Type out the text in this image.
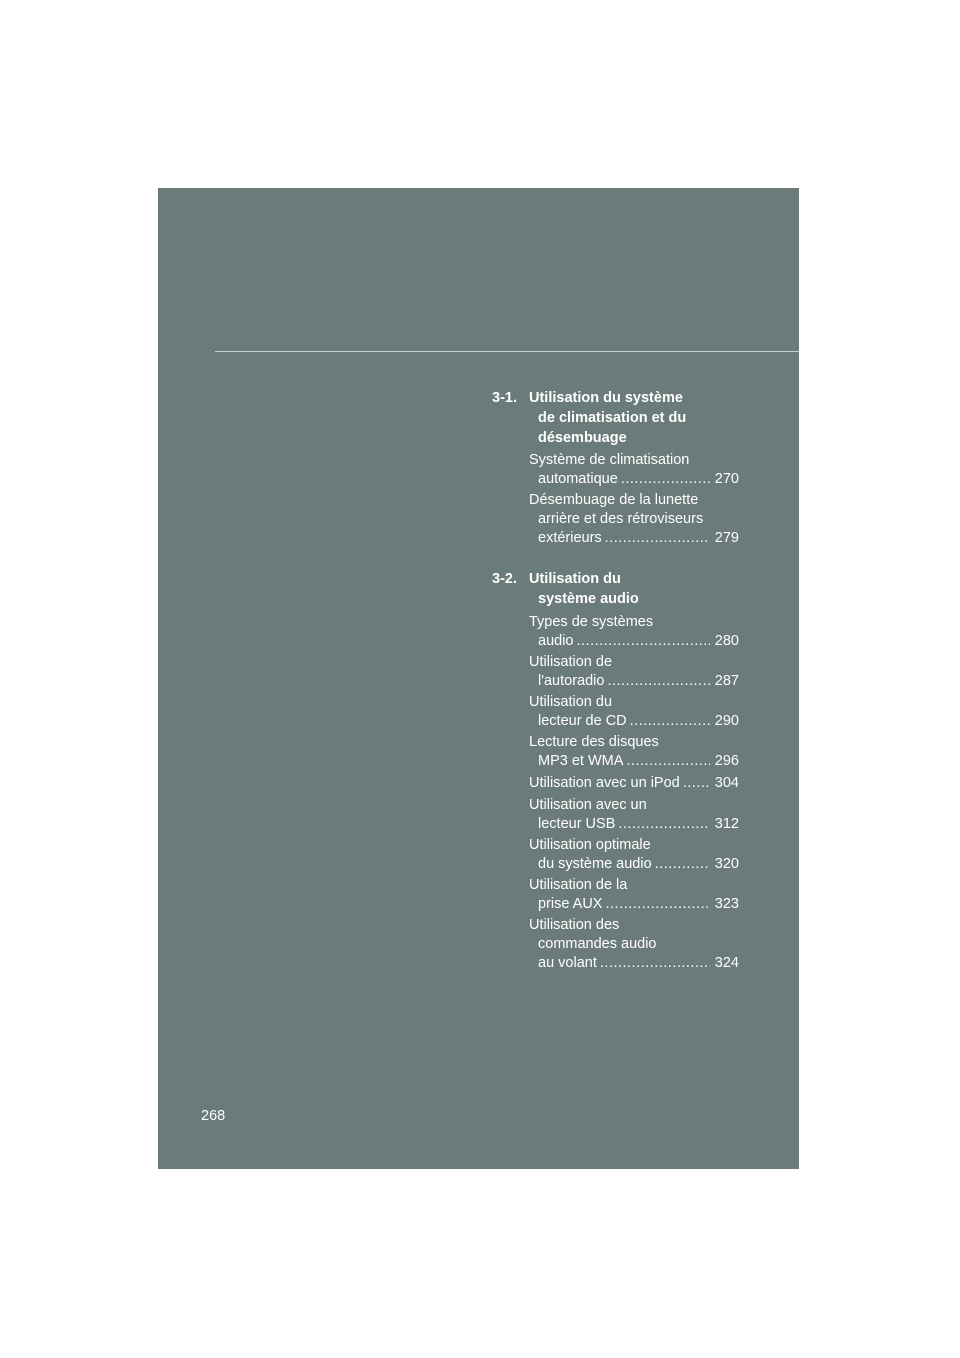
3-1. Utilisation du système
de climatisation et du
désembuage
Système de climatisation
automatique .....	270
Désembuage de la lunette
arrière et des rétroviseurs
extérieurs .....	279
3-2. Utilisation du
système audio
Types de systèmes
audio .....	280
Utilisation de
l'autoradio .....	287
Utilisation du
lecteur de CD .....	290
Lecture des disques
MP3 et WMA .....	296
Utilisation avec un iPod ..... 304
Utilisation avec un
lecteur USB .....	312
Utilisation optimale
du système audio .....	320
Utilisation de la
prise AUX .....	323
Utilisation des
commandes audio
au volant .....	324
268
